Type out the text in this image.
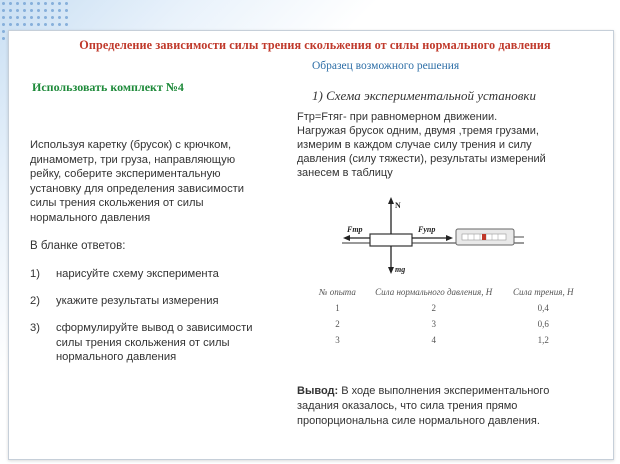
Определение зависимости силы трения скольжения от силы нормального давления
Образец возможного решения
Использовать комплект №4
1) Схема экспериментальной установки
Используя каретку (брусок) с крючком,
динамометр, три груза, направляющую
рейку, соберите экспериментальную
установку для определения зависимости
силы трения скольжения от силы
нормального давления
В бланке ответов:
1) нарисуйте схему эксперимента
2) укажите результаты измерения
3) сформулируйте вывод о зависимости
силы трения скольжения от силы
нормального давления
Fтр=Fтяг- при равномерном движении.
Нагружая брусок одним, двумя ,тремя грузами,
измерим в каждом случае силу трения и силу
давления (силу тяжести), результаты измерений
занесем в таблицу
N
mg
Fтр	Fупр
№ опыта	Сила нормального давления, Н	Сила трения, Н
1	2	0,4
2	3	0,6
3	4	1,2
Вывод: В ходе выполнения экспериментального
задания оказалось, что сила трения прямо
пропорциональна силе нормального давления.
